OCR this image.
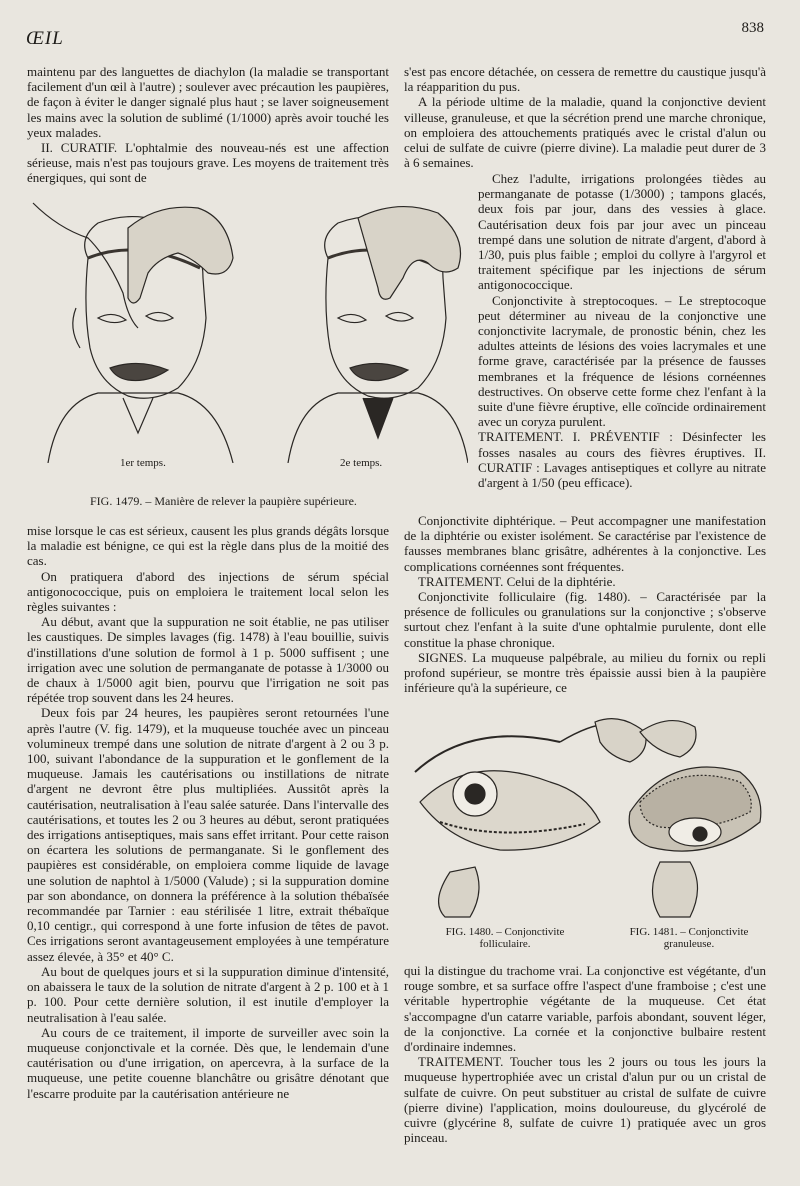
ŒIL	838

maintenu par des languettes de diachylon (la maladie se transportant facilement d'un œil à l'autre) ; soulever avec précaution les paupières, de façon à éviter le danger signalé plus haut ; se laver soigneusement les mains avec la solution de sublimé (1/1000) après avoir touché les yeux malades.

II. CURATIF. L'ophtalmie des nouveau-nés est une affection sérieuse, mais n'est pas toujours grave. Les moyens de traitement très énergiques, qui sont de

1er temps.	2e temps.
FIG. 1479. – Manière de relever la paupière supérieure.

mise lorsque le cas est sérieux, causent les plus grands dégâts lorsque la maladie est bénigne, ce qui est la règle dans plus de la moitié des cas.

On pratiquera d'abord des injections de sérum spécial antigonococcique, puis on emploiera le traitement local selon les règles suivantes :

Au début, avant que la suppuration ne soit établie, ne pas utiliser les caustiques. De simples lavages (fig. 1478) à l'eau bouillie, suivis d'instillations d'une solution de formol à 1 p. 5000 suffisent ; une irrigation avec une solution de permanganate de potasse à 1/3000 ou de chaux à 1/5000 agit bien, pourvu que l'irrigation ne soit pas répétée trop souvent dans les 24 heures.

Deux fois par 24 heures, les paupières seront retournées l'une après l'autre (V. fig. 1479), et la muqueuse touchée avec un pinceau volumineux trempé dans une solution de nitrate d'argent à 2 ou 3 p. 100, suivant l'abondance de la suppuration et le gonflement de la muqueuse. Jamais les cautérisations ou instillations de nitrate d'argent ne devront être plus multipliées. Aussitôt après la cautérisation, neutralisation à l'eau salée saturée. Dans l'intervalle des cautérisations, et toutes les 2 ou 3 heures au début, seront pratiquées des irrigations antiseptiques, mais sans effet irritant. Pour cette raison on écartera les solutions de permanganate. Si le gonflement des paupières est considérable, on emploiera comme liquide de lavage une solution de naphtol à 1/5000 (Valude) ; si la suppuration domine par son abondance, on donnera la préférence à la solution thébaïsée recommandée par Tarnier : eau stérilisée 1 litre, extrait thébaïque 0,10 centigr., qui correspond à une forte infusion de têtes de pavot. Ces irrigations seront avantageusement employées à une température assez élevée, à 35° et 40° C.

Au bout de quelques jours et si la suppuration diminue d'intensité, on abaissera le taux de la solution de nitrate d'argent à 2 p. 100 et à 1 p. 100. Pour cette dernière solution, il est inutile d'employer la neutralisation à l'eau salée.

Au cours de ce traitement, il importe de surveiller avec soin la muqueuse conjonctivale et la cornée. Dès que, le lendemain d'une cautérisation ou d'une irrigation, on apercevra, à la surface de la muqueuse, une petite couenne blanchâtre ou grisâtre dénotant que l'escarre produite par la cautérisation antérieure ne

s'est pas encore détachée, on cessera de remettre du caustique jusqu'à la réapparition du pus.

A la période ultime de la maladie, quand la conjonctive devient villeuse, granuleuse, et que la sécrétion prend une marche chronique, on emploiera des attouchements pratiqués avec le cristal d'alun ou celui de sulfate de cuivre (pierre divine). La maladie peut durer de 3 à 6 semaines.

Chez l'adulte, irrigations prolongées tièdes au permanganate de potasse (1/3000) ; tampons glacés, deux fois par jour, dans des vessies à glace. Cautérisation deux fois par jour avec un pinceau trempé dans une solution de nitrate d'argent, d'abord à 1/30, puis plus faible ; emploi du collyre à l'argyrol et traitement spécifique par les injections de sérum antigonococcique.

Conjonctivite à streptocoques. – Le streptocoque peut déterminer au niveau de la conjonctive une conjonctivite lacrymale, de pronostic bénin, chez les adultes atteints de lésions des voies lacrymales et une forme grave, caractérisée par la présence de fausses membranes et la fréquence de lésions cornéennes destructives. On observe cette forme chez l'enfant à la suite d'une fièvre éruptive, elle coïncide ordinairement avec un coryza purulent.

TRAITEMENT. I. PRÉVENTIF : Désinfecter les fosses nasales au cours des fièvres éruptives. II. CURATIF : Lavages antiseptiques et collyre au nitrate d'argent à 1/50 (peu efficace).

Conjonctivite diphtérique. – Peut accompagner une manifestation de la diphtérie ou exister isolément. Se caractérise par l'existence de fausses membranes blanc grisâtre, adhérentes à la conjonctive. Les complications cornéennes sont fréquentes.

TRAITEMENT. Celui de la diphtérie.

Conjonctivite folliculaire (fig. 1480). – Caractérisée par la présence de follicules ou granulations sur la conjonctive ; s'observe surtout chez l'enfant à la suite d'une ophtalmie purulente, dont elle constitue la phase chronique.

SIGNES. La muqueuse palpébrale, au milieu du fornix ou repli profond supérieur, se montre très épaissie aussi bien à la paupière inférieure qu'à la supérieure, ce

FIG. 1480. – Conjonctivite folliculaire.
FIG. 1481. – Conjonctivite granuleuse.

qui la distingue du trachome vrai. La conjonctive est végétante, d'un rouge sombre, et sa surface offre l'aspect d'une framboise ; c'est une véritable hypertrophie végétante de la muqueuse. Cet état s'accompagne d'un catarre variable, parfois abondant, souvent léger, de la conjonctive. La cornée et la conjonctive bulbaire restent d'ordinaire indemnes.

TRAITEMENT. Toucher tous les 2 jours ou tous les jours la muqueuse hypertrophiée avec un cristal d'alun pur ou un cristal de sulfate de cuivre. On peut substituer au cristal de sulfate de cuivre (pierre divine) l'application, moins douloureuse, du glycérolé de cuivre (glycérine 8, sulfate de cuivre 1) pratiquée avec un gros pinceau.
